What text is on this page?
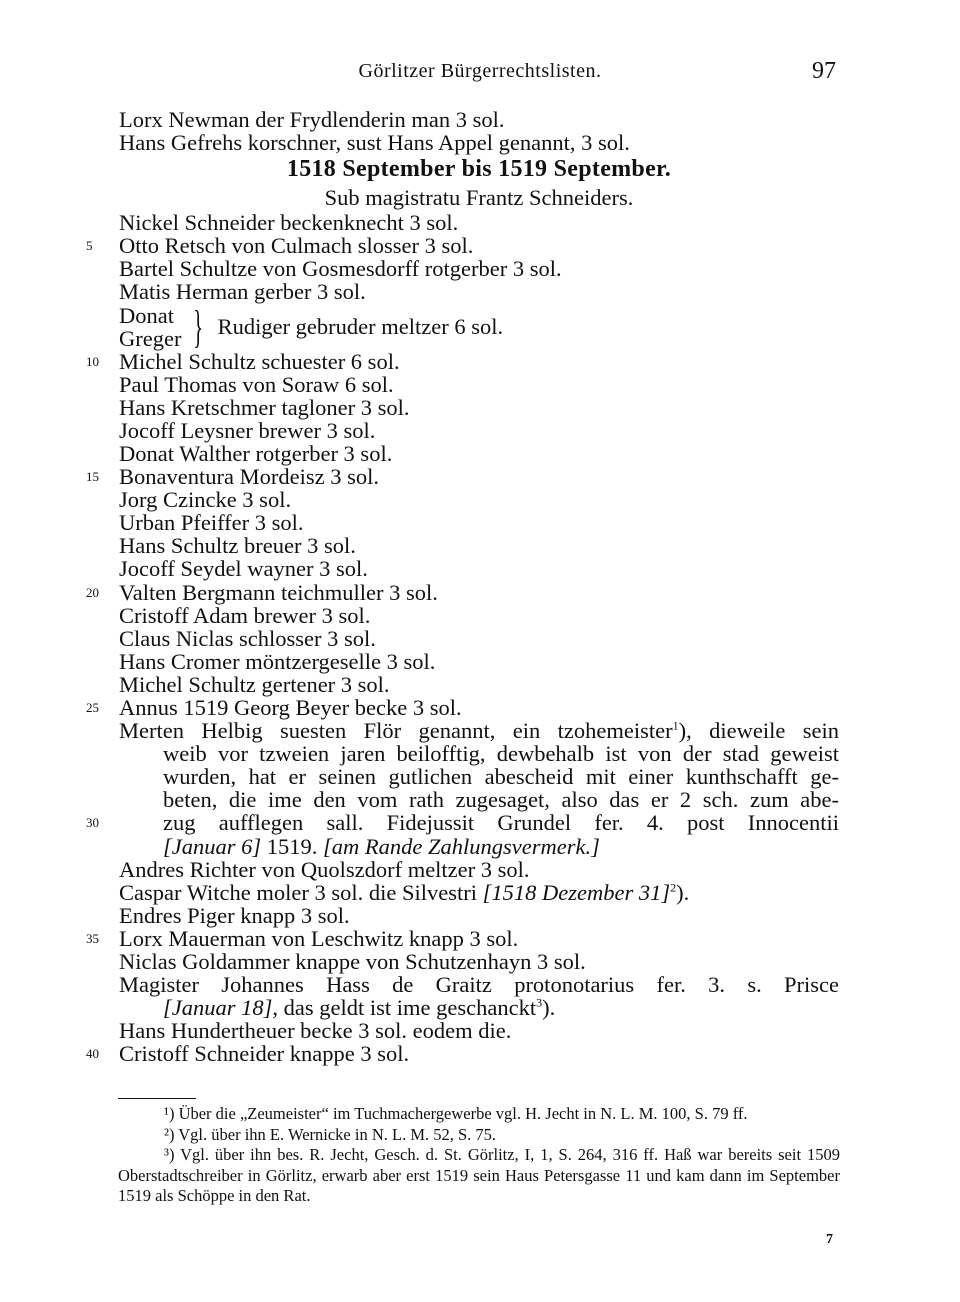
Görlitzer Bürgerrechtslisten.	97
Lorx Newman der Frydlenderin man 3 sol.
Hans Gefrehs korschner, sust Hans Appel genannt, 3 sol.
1518 September bis 1519 September.
Sub magistratu Frantz Schneiders.
Nickel Schneider beckenknecht 3 sol.
5	Otto Retsch von Culmach slosser 3 sol.
Bartel Schultze von Gosmesdorff rotgerber 3 sol.
Matis Herman gerber 3 sol.
Donat
Greger } Rudiger gebruder meltzer 6 sol.
10 Michel Schultz schuester 6 sol.
Paul Thomas von Soraw 6 sol.
Hans Kretschmer tagloner 3 sol.
Jocoff Leysner brewer 3 sol.
Donat Walther rotgerber 3 sol.
15 Bonaventura Mordeisz 3 sol.
Jorg Czincke 3 sol.
Urban Pfeiffer 3 sol.
Hans Schultz breuer 3 sol.
Jocoff Seydel wayner 3 sol.
20 Valten Bergmann teichmuller 3 sol.
Cristoff Adam brewer 3 sol.
Claus Niclas schlosser 3 sol.
Hans Cromer möntzergeselle 3 sol.
Michel Schultz gertener 3 sol.
25 Annus 1519 Georg Beyer becke 3 sol.
Merten Helbig suesten Flör genannt, ein tzohemeister$^1$), dieweile sein
weib vor tzweien jaren beilofftig, dewbehalb ist von der stad geweist
wurden, hat er seinen gutlichen abescheid mit einer kunthschafft ge-
beten, die ime den vom rath zugesaget, also das er 2 sch. zum abe-
30	zug aufflegen sall. Fidejussit Grundel fer. 4. post Innocentii
[Januar 6] 1519. [am Rande Zahlungsvermerk.]
Andres Richter von Quolszdorf meltzer 3 sol.
Caspar Witche moler 3 sol. die Silvestri [1518 Dezember 31]$^2$).
Endres Piger knapp 3 sol.
35 Lorx Mauerman von Leschwitz knapp 3 sol.
Niclas Goldammer knappe von Schutzenhayn 3 sol.
Magister Johannes Hass de Graitz protonotarius fer. 3. s. Prisce
[Januar 18], das geldt ist ime geschanckt$^3$).
Hans Hundertheuer becke 3 sol. eodem die.
40 Cristoff Schneider knappe 3 sol.
¹) Über die „Zeumeister“ im Tuchmachergewerbe vgl. H. Jecht in N. L. M. 100, S. 79 ff.
²) Vgl. über ihn E. Wernicke in N. L. M. 52, S. 75.
³) Vgl. über ihn bes. R. Jecht, Gesch. d. St. Görlitz, I, 1, S. 264, 316 ff. Haß war bereits seit 1509 Oberstadtschreiber in Görlitz, erwarb aber erst 1519 sein Haus Petersgasse 11 und kam dann im September 1519 als Schöppe in den Rat.
7
